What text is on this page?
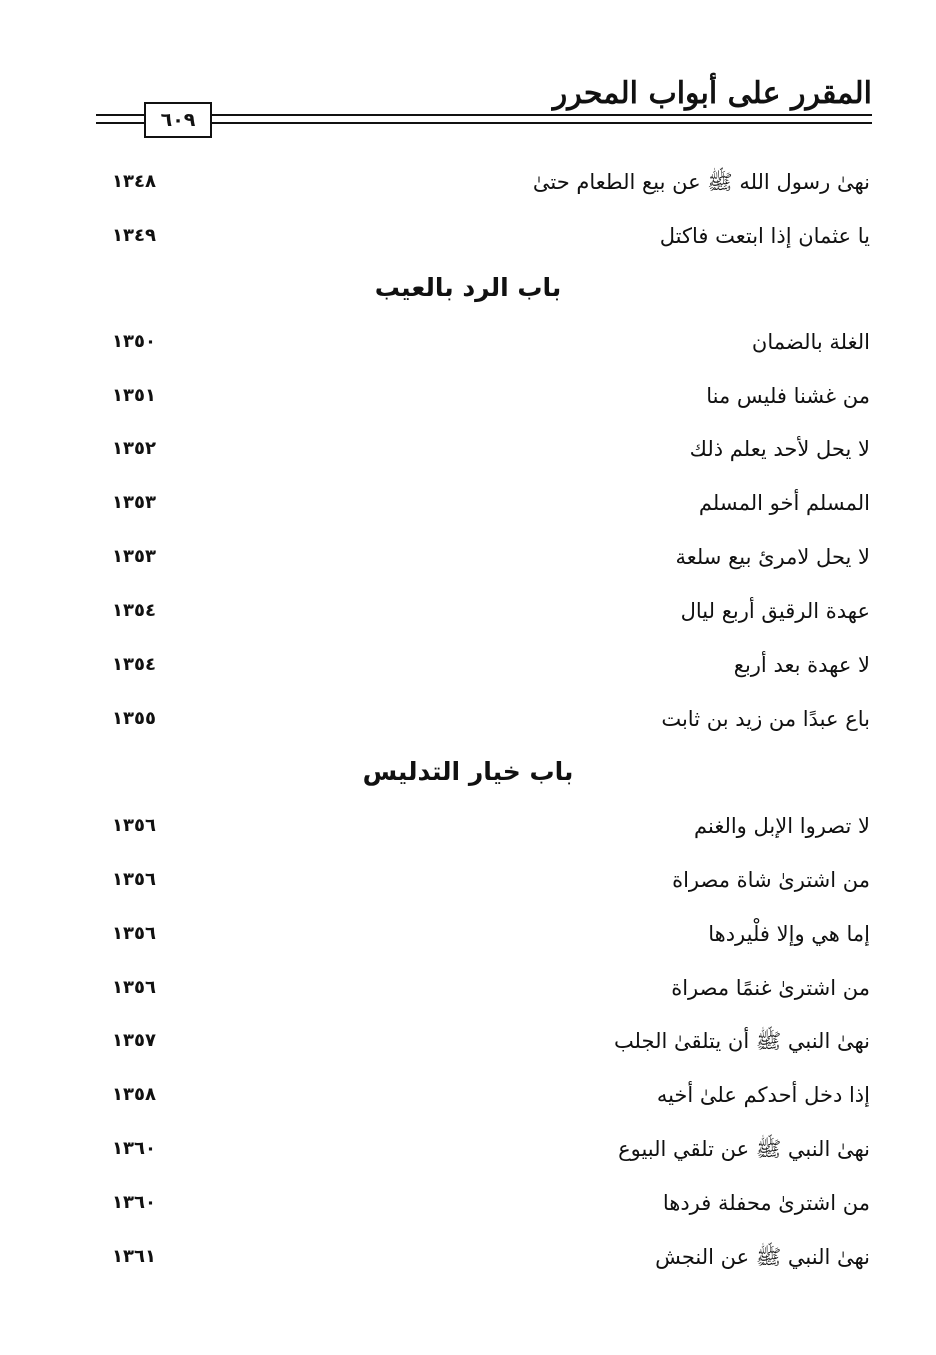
المقرر على أبواب المحرر
٦٠٩
نهىٰ رسول الله ﷺ عن بيع الطعام حتىٰ
١٣٤٨
يا عثمان إذا ابتعت فاكتل
١٣٤٩
باب الرد بالعيب
الغلة بالضمان
١٣٥٠
من غشنا فليس منا
١٣٥١
لا يحل لأحد يعلم ذلك
١٣٥٢
المسلم أخو المسلم
١٣٥٣
لا يحل لامرئ بيع سلعة
١٣٥٣
عهدة الرقيق أربع ليال
١٣٥٤
لا عهدة بعد أربع
١٣٥٤
باع عبدًا من زيد بن ثابت
١٣٥٥
باب خيار التدليس
لا تصروا الإبل والغنم
١٣٥٦
من اشترىٰ شاة مصراة
١٣٥٦
إما هي وإلا فلْيردها
١٣٥٦
من اشترىٰ غنمًا مصراة
١٣٥٦
نهىٰ النبي ﷺ أن يتلقىٰ الجلب
١٣٥٧
إذا دخل أحدكم علىٰ أخيه
١٣٥٨
نهىٰ النبي ﷺ عن تلقي البيوع
١٣٦٠
من اشترىٰ محفلة فردها
١٣٦٠
نهىٰ النبي ﷺ عن النجش
١٣٦١
